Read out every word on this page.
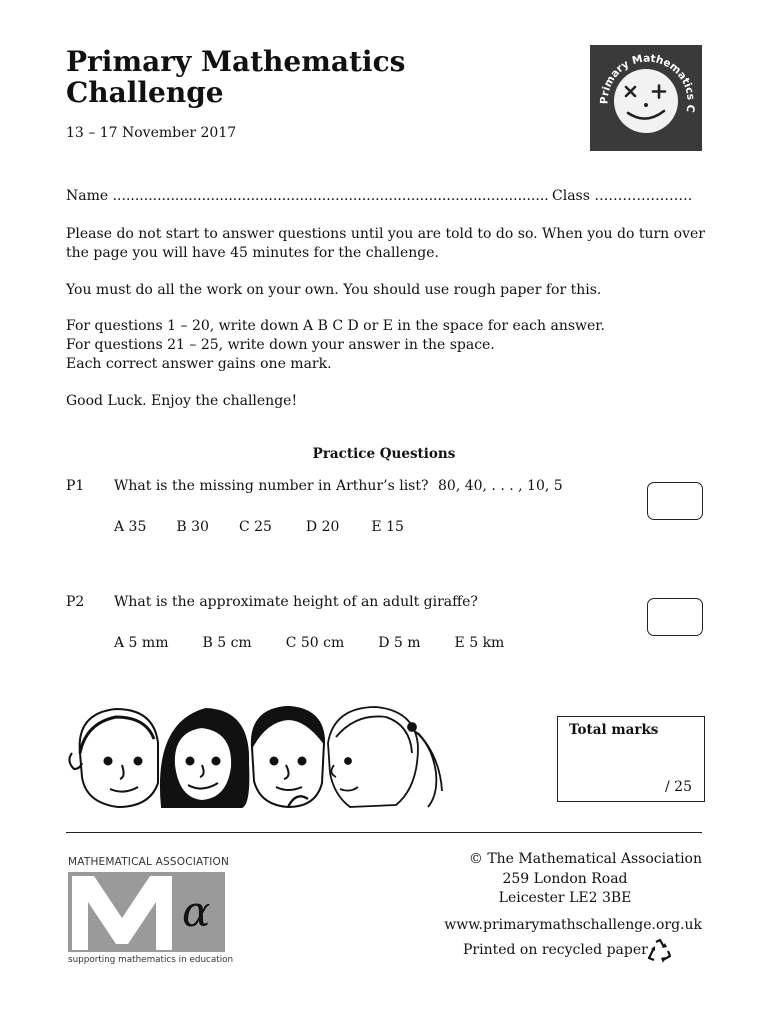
Primary Mathematics
Challenge
13 – 17 November 2017
Primary Mathematics C
Name .................................................................................................. Class …………………
Please do not start to answer questions until you are told to do so. When you do turn over the page you will have 45 minutes for the challenge.
You must do all the work on your own. You should use rough paper for this.
For questions 1 – 20, write down A B C D or E in the space for each answer.
For questions 21 – 25, write down your answer in the space.
Each correct answer gains one mark.
Good Luck. Enjoy the challenge!
Practice Questions
P1 What is the missing number in Arthur’s list? 80, 40, . . . , 10, 5
A 35 B 30 C 25 D 20 E 15
P2 What is the approximate height of an adult giraffe?
A 5 mm B 5 cm C 50 cm D 5 m E 5 km
Total marks
/ 25
MATHEMATICAL ASSOCIATION
α
supporting mathematics in education
© The Mathematical Association
259 London Road
Leicester LE2 3BE
www.primarymathschallenge.org.uk
Printed on recycled paper
